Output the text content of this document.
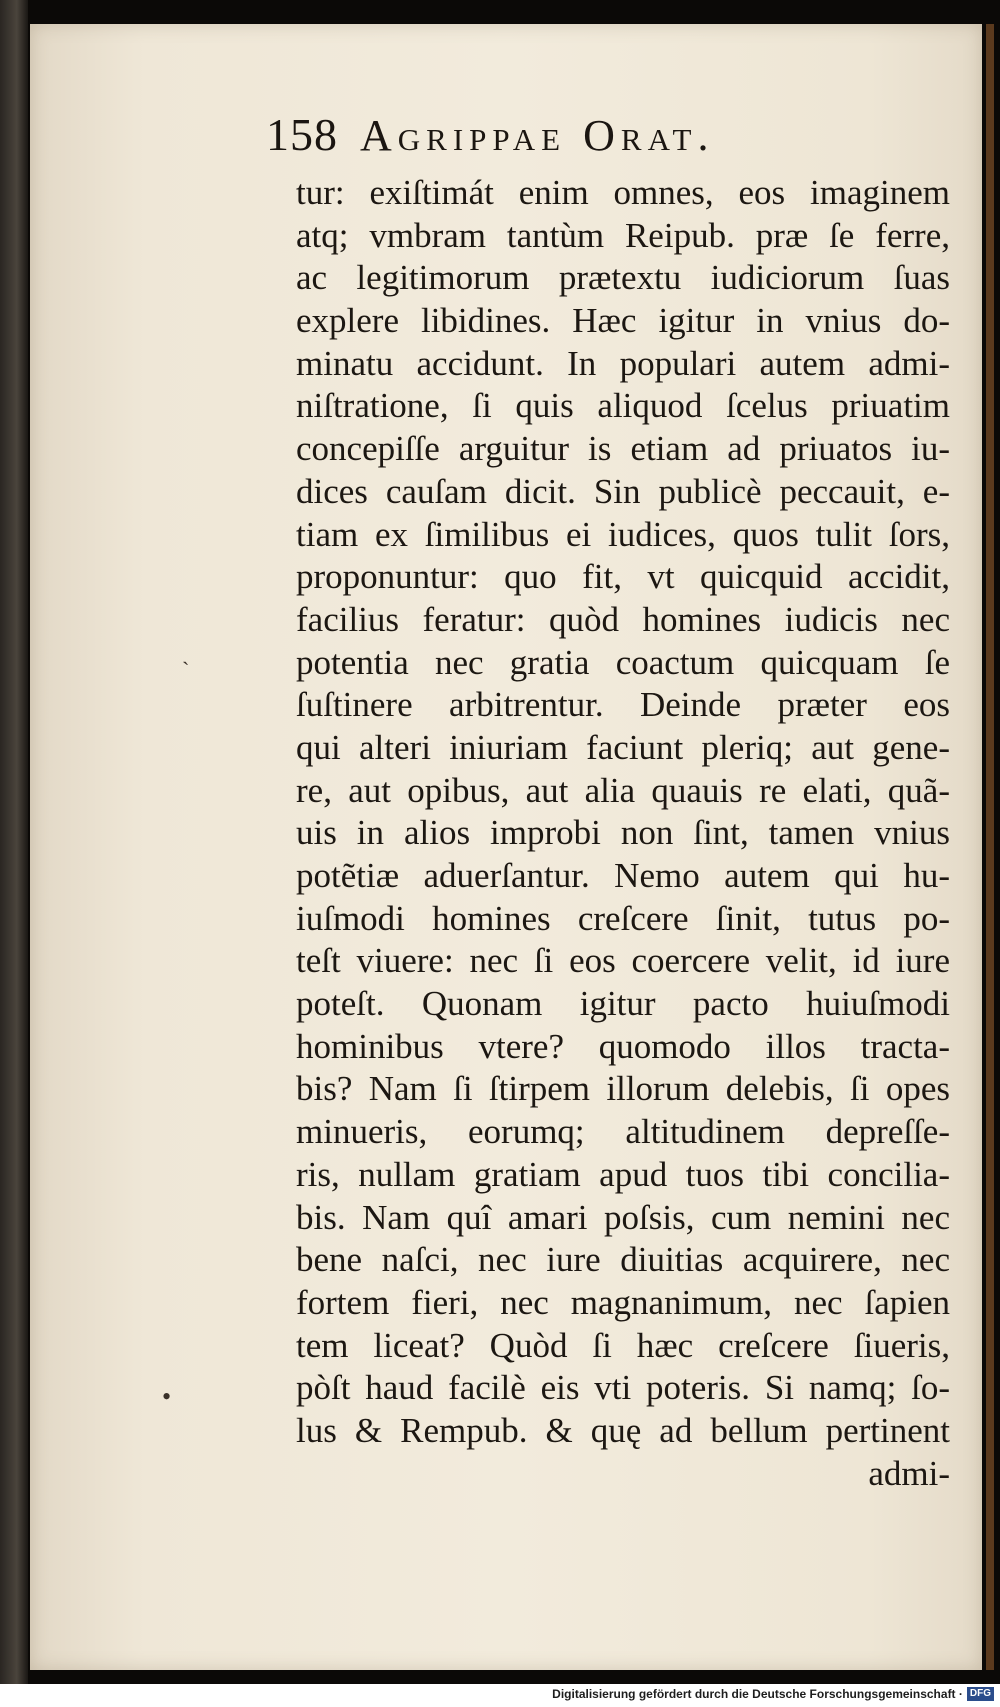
158 Agrippae Orat.
tur: exiſtimát enim omnes, eos imaginem
atq; vmbram tantùm Reipub. præ ſe ferre,
ac legitimorum prætextu iudiciorum ſuas
explere libidines. Hæc igitur in vnius do-
minatu accidunt. In populari autem admi-
niſtratione, ſi quis aliquod ſcelus priuatim
concepiſſe arguitur is etiam ad priuatos iu-
dices cauſam dicit. Sin publicè peccauit, e-
tiam ex ſimilibus ei iudices, quos tulit ſors,
proponuntur: quo fit, vt quicquid accidit,
facilius feratur: quòd homines iudicis nec
potentia nec gratia coactum quicquam ſe
ſuſtinere arbitrentur. Deinde præter eos
qui alteri iniuriam faciunt pleriq; aut gene-
re, aut opibus, aut alia quauis re elati, quã-
uis in alios improbi non ſint, tamen vnius
potẽtiæ aduerſantur. Nemo autem qui hu-
iuſmodi homines creſcere ſinit, tutus po-
teſt viuere: nec ſi eos coercere velit, id iure
poteſt. Quonam igitur pacto huiuſmodi
hominibus vtere? quomodo illos tracta-
bis? Nam ſi ſtirpem illorum delebis, ſi opes
minueris, eorumq; altitudinem depreſſe-
ris, nullam gratiam apud tuos tibi concilia-
bis. Nam quî amari poſsis, cum nemini nec
bene naſci, nec iure diuitias acquirere, nec
fortem fieri, nec magnanimum, nec ſapien
tem liceat? Quòd ſi hæc creſcere ſiueris,
pòſt haud facilè eis vti poteris. Si namq; ſo-
lus & Rempub. & quę ad bellum pertinent
admi-
ˎ
•
Digitalisierung gefördert durch die Deutsche Forschungsgemeinschaft · DFG
